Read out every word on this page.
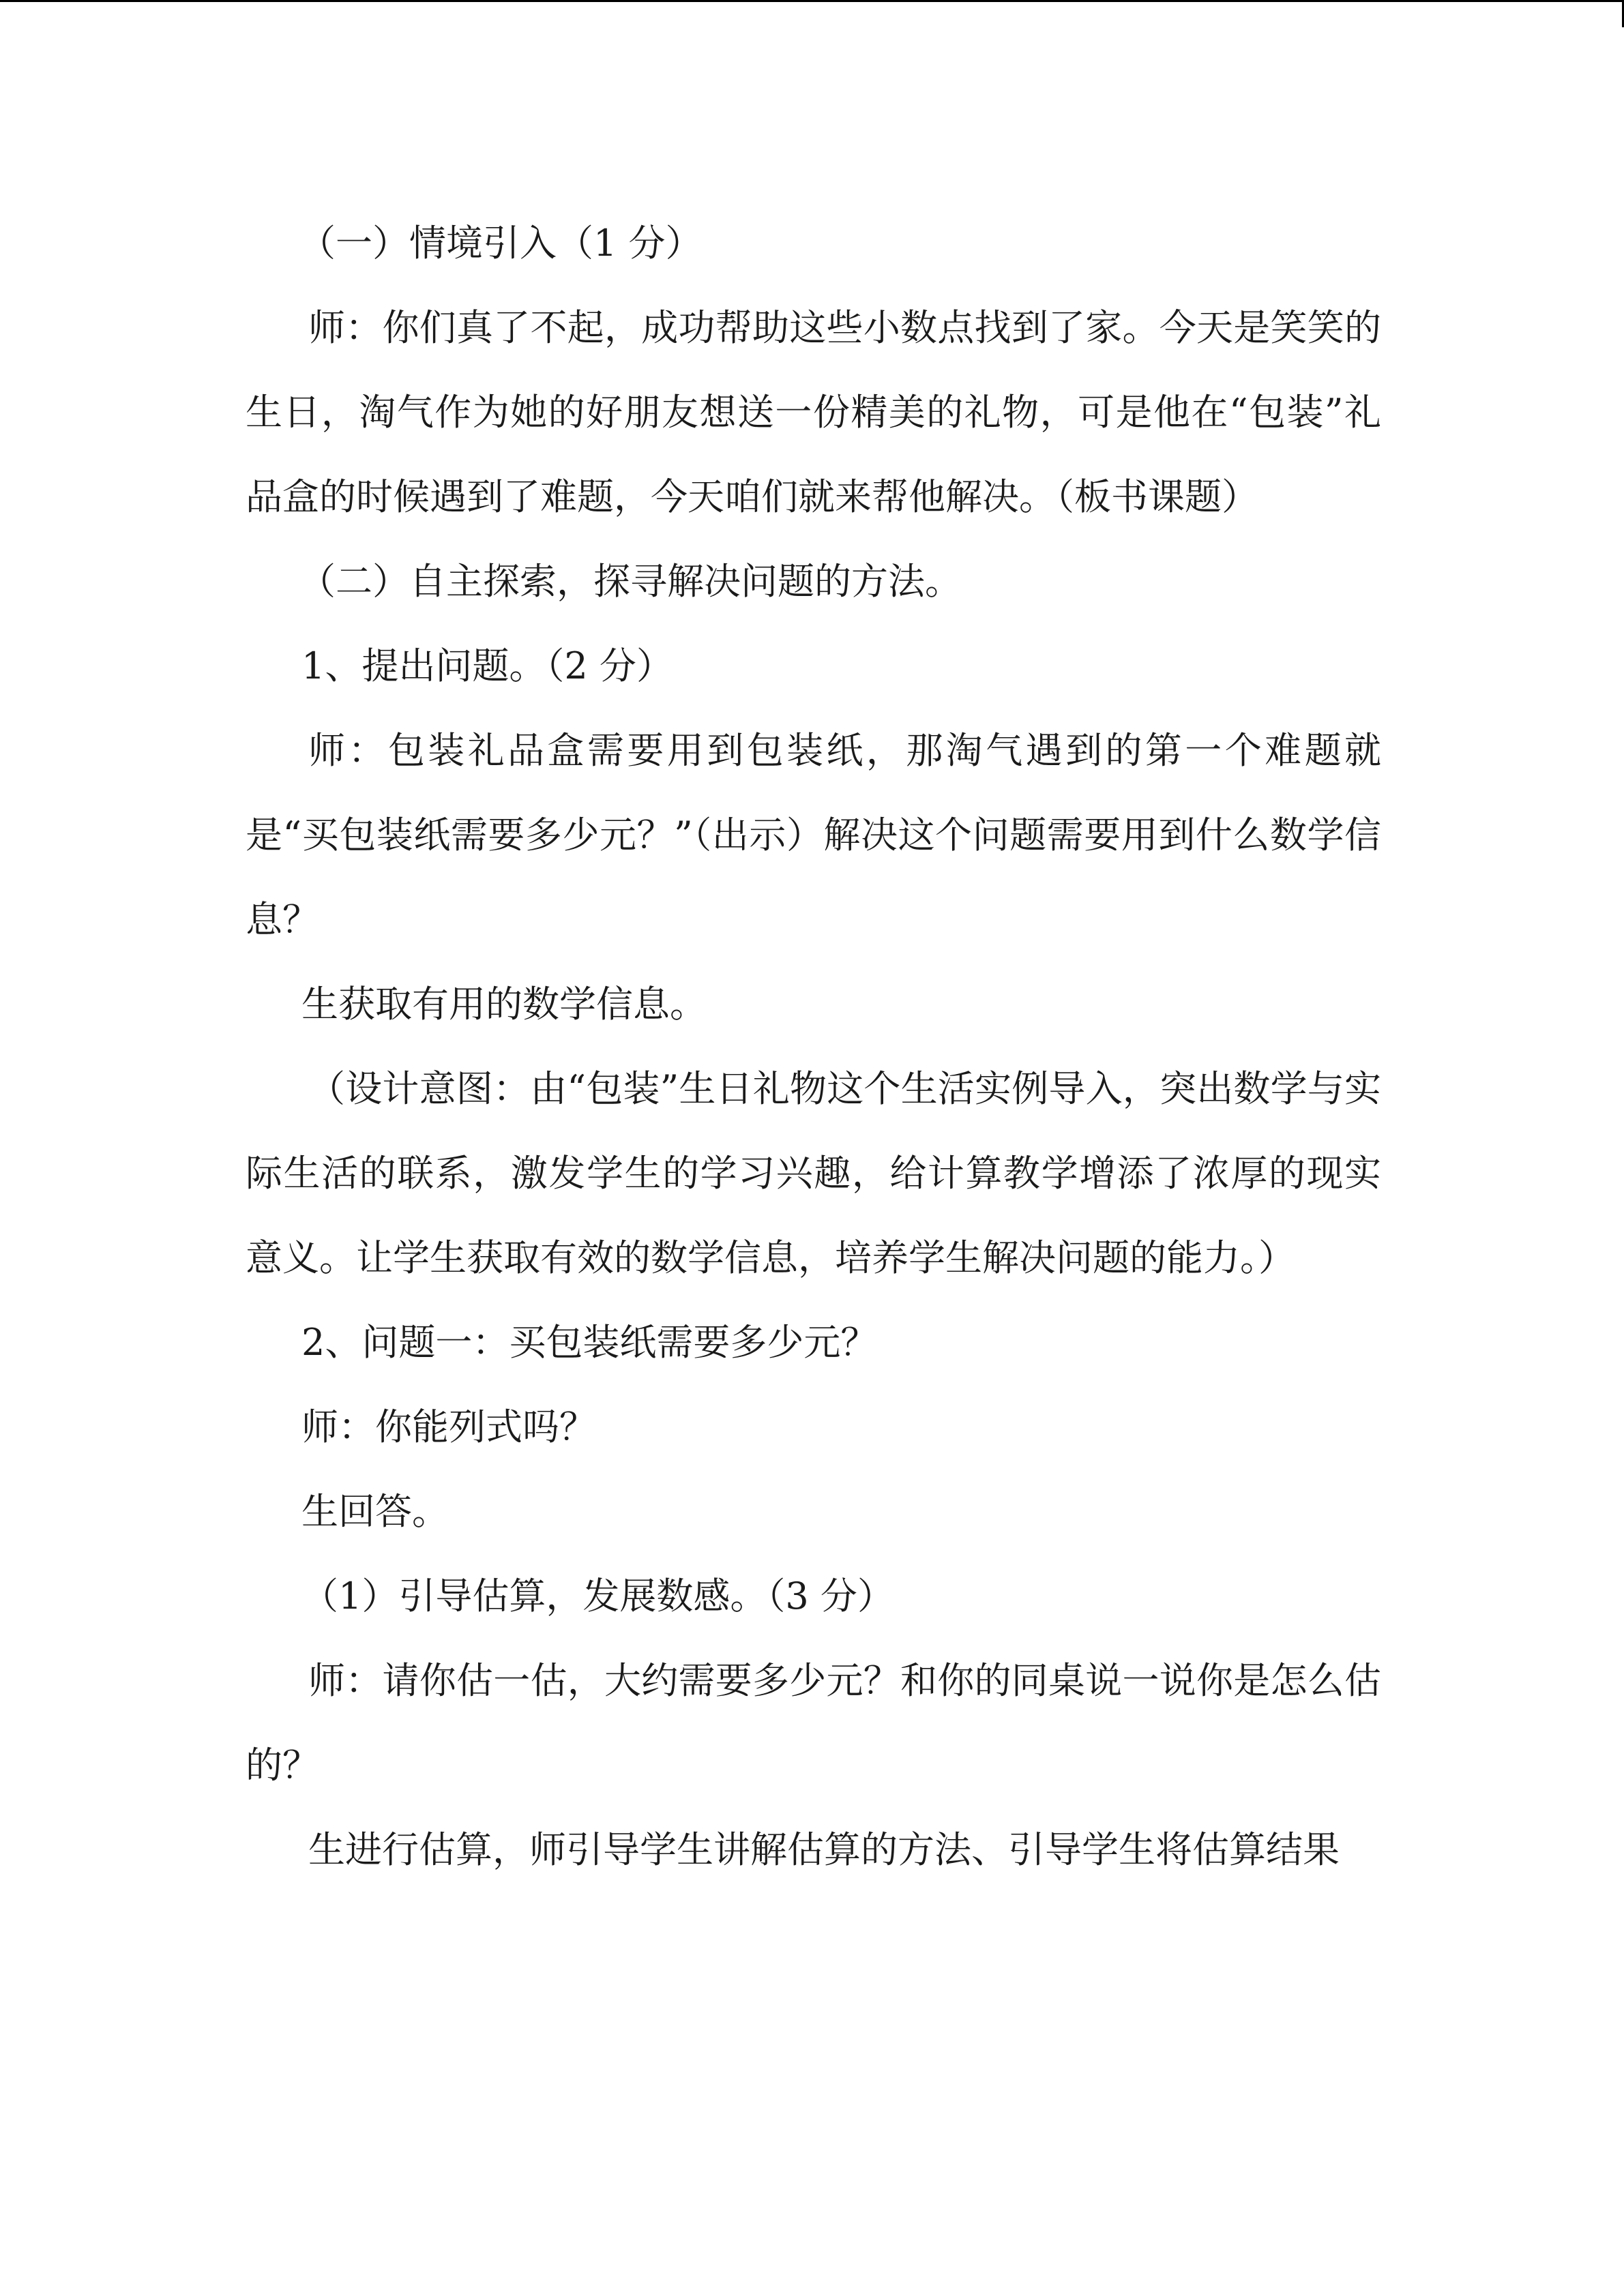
（一）情境引入（1 分）

师：你们真了不起，成功帮助这些小数点找到了家。今天是笑笑的生日，淘气作为她的好朋友想送一份精美的礼物，可是他在“包装”礼品盒的时候遇到了难题，今天咱们就来帮他解决。（板书课题）

（二）自主探索，探寻解决问题的方法。

1、提出问题。（2 分）

师：包装礼品盒需要用到包装纸，那淘气遇到的第一个难题就是“买包装纸需要多少元？”（出示）解决这个问题需要用到什么数学信息？

生获取有用的数学信息。

（设计意图：由“包装”生日礼物这个生活实例导入，突出数学与实际生活的联系，激发学生的学习兴趣，给计算教学增添了浓厚的现实意义。让学生获取有效的数学信息，培养学生解决问题的能力。）

2、问题一：买包装纸需要多少元？

师：你能列式吗？

生回答。

（1）引导估算，发展数感。（3 分）

师：请你估一估，大约需要多少元？和你的同桌说一说你是怎么估的？

生进行估算，师引导学生讲解估算的方法、引导学生将估算结果
